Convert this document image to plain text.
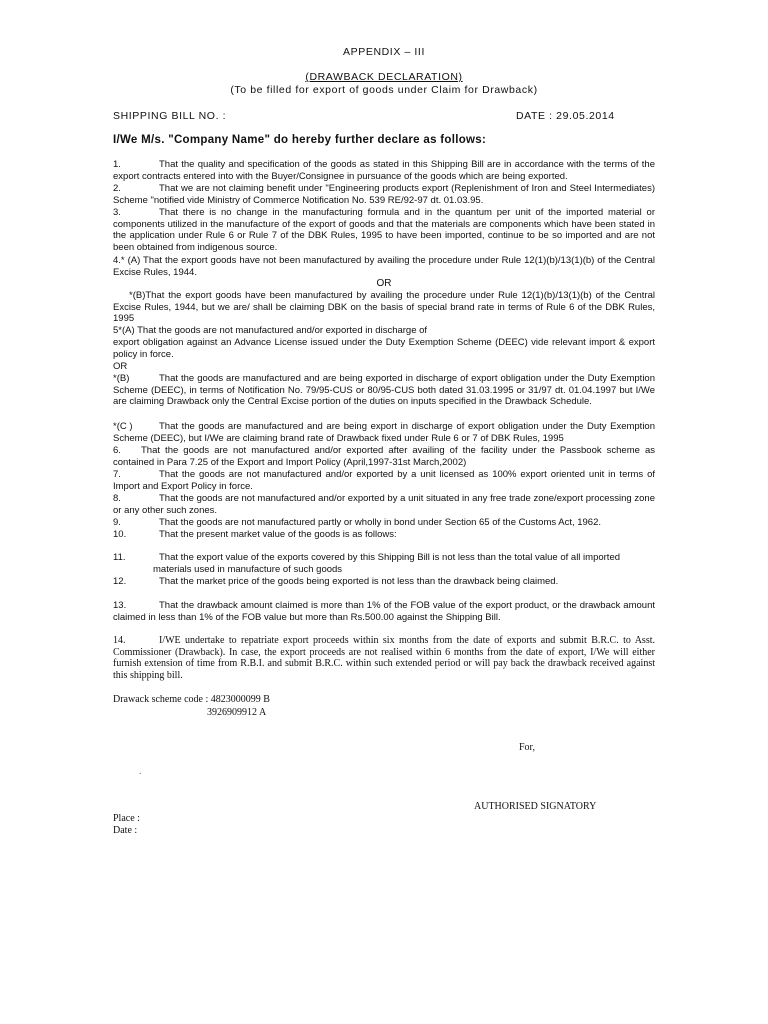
APPENDIX – III
(DRAWBACK DECLARATION)
(To be filled for export of goods under Claim for Drawback)
SHIPPING BILL NO. :	DATE : 29.05.2014
I/We M/s. "Company Name" do hereby further declare as follows:

1.	That the quality and specification of the goods as stated in this Shipping Bill are in accordance with the terms of the export contracts entered into with the Buyer/Consignee in pursuance of the goods which are being exported.

2.	That we are not claiming benefit under "Engineering products export (Replenishment of Iron and Steel Intermediates) Scheme "notified vide Ministry of Commerce Notification No. 539 RE/92-97 dt. 01.03.95.

3.	That there is no change in the manufacturing formula and in the quantum per unit of the imported material or components utilized in the manufacture of the export of goods and that the materials are components which have been stated in the application under Rule 6 or Rule 7 of the DBK Rules, 1995 to have been imported, continue to be so imported and are not been obtained from indigenous source.

4.* (A) That the export goods have not been manufactured by availing the procedure under Rule 12(1)(b)/13(1)(b) of the Central Excise Rules, 1944.

OR

*(B)That the export goods have been manufactured by availing the procedure under Rule 12(1)(b)/13(1)(b) of the Central Excise Rules, 1944, but we are/ shall be claiming DBK on the basis of special brand rate in terms of Rule 6 of the DBK Rules, 1995

5*(A) That the goods are not manufactured and/or exported in discharge of

export obligation against an Advance License issued under the Duty Exemption Scheme (DEEC) vide relevant import & export policy in force.

OR

*(B)	That the goods are manufactured and are being exported in discharge of export obligation under the Duty Exemption Scheme (DEEC), in terms of Notification No. 79/95-CUS or 80/95-CUS both dated 31.03.1995 or 31/97 dt. 01.04.1997 but I/We are claiming Drawback only the Central Excise portion of the duties on inputs specified in the Drawback Schedule.

*(C )	That the goods are manufactured and are being export in discharge of export obligation under the Duty Exemption Scheme (DEEC), but I/We are claiming brand rate of Drawback fixed under Rule 6 or 7 of DBK Rules, 1995

6. That the goods are not manufactured and/or exported after availing of the facility under the Passbook scheme as contained in Para 7.25 of the Export and Import Policy (April,1997-31st March,2002)

7.	That the goods are not manufactured and/or exported by a unit licensed as 100% export oriented unit in terms of Import and Export Policy in force.

8.	That the goods are not manufactured and/or exported by a unit situated in any free trade zone/export processing zone or any other such zones.

9.	That the goods are not manufactured partly or wholly in bond under Section 65 of the Customs Act, 1962.

10.	That the present market value of the goods is as follows:

11.	That the export value of the exports covered by this Shipping Bill is not less than the total value of all imported
materials used in manufacture of such goods
12.	That the market price of the goods being exported is not less than the drawback being claimed.

13.	That the drawback amount claimed is more than 1% of the FOB value of the export product, or the drawback amount claimed in less than 1% of the FOB value but more than Rs.500.00 against the Shipping Bill.

14.	I/WE undertake to repatriate export proceeds within six months from the date of exports and submit B.R.C. to Asst. Commissioner (Drawback). In case, the export proceeds are not realised within 6 months from the date of export, I/We will either furnish extension of time from R.B.I. and submit B.R.C. within such extended period or will pay back the drawback received against this shipping bill.

Drawack scheme code : 4823000099 B
3926909912 A
For,
.
AUTHORISED SIGNATORY
Place :
Date :
